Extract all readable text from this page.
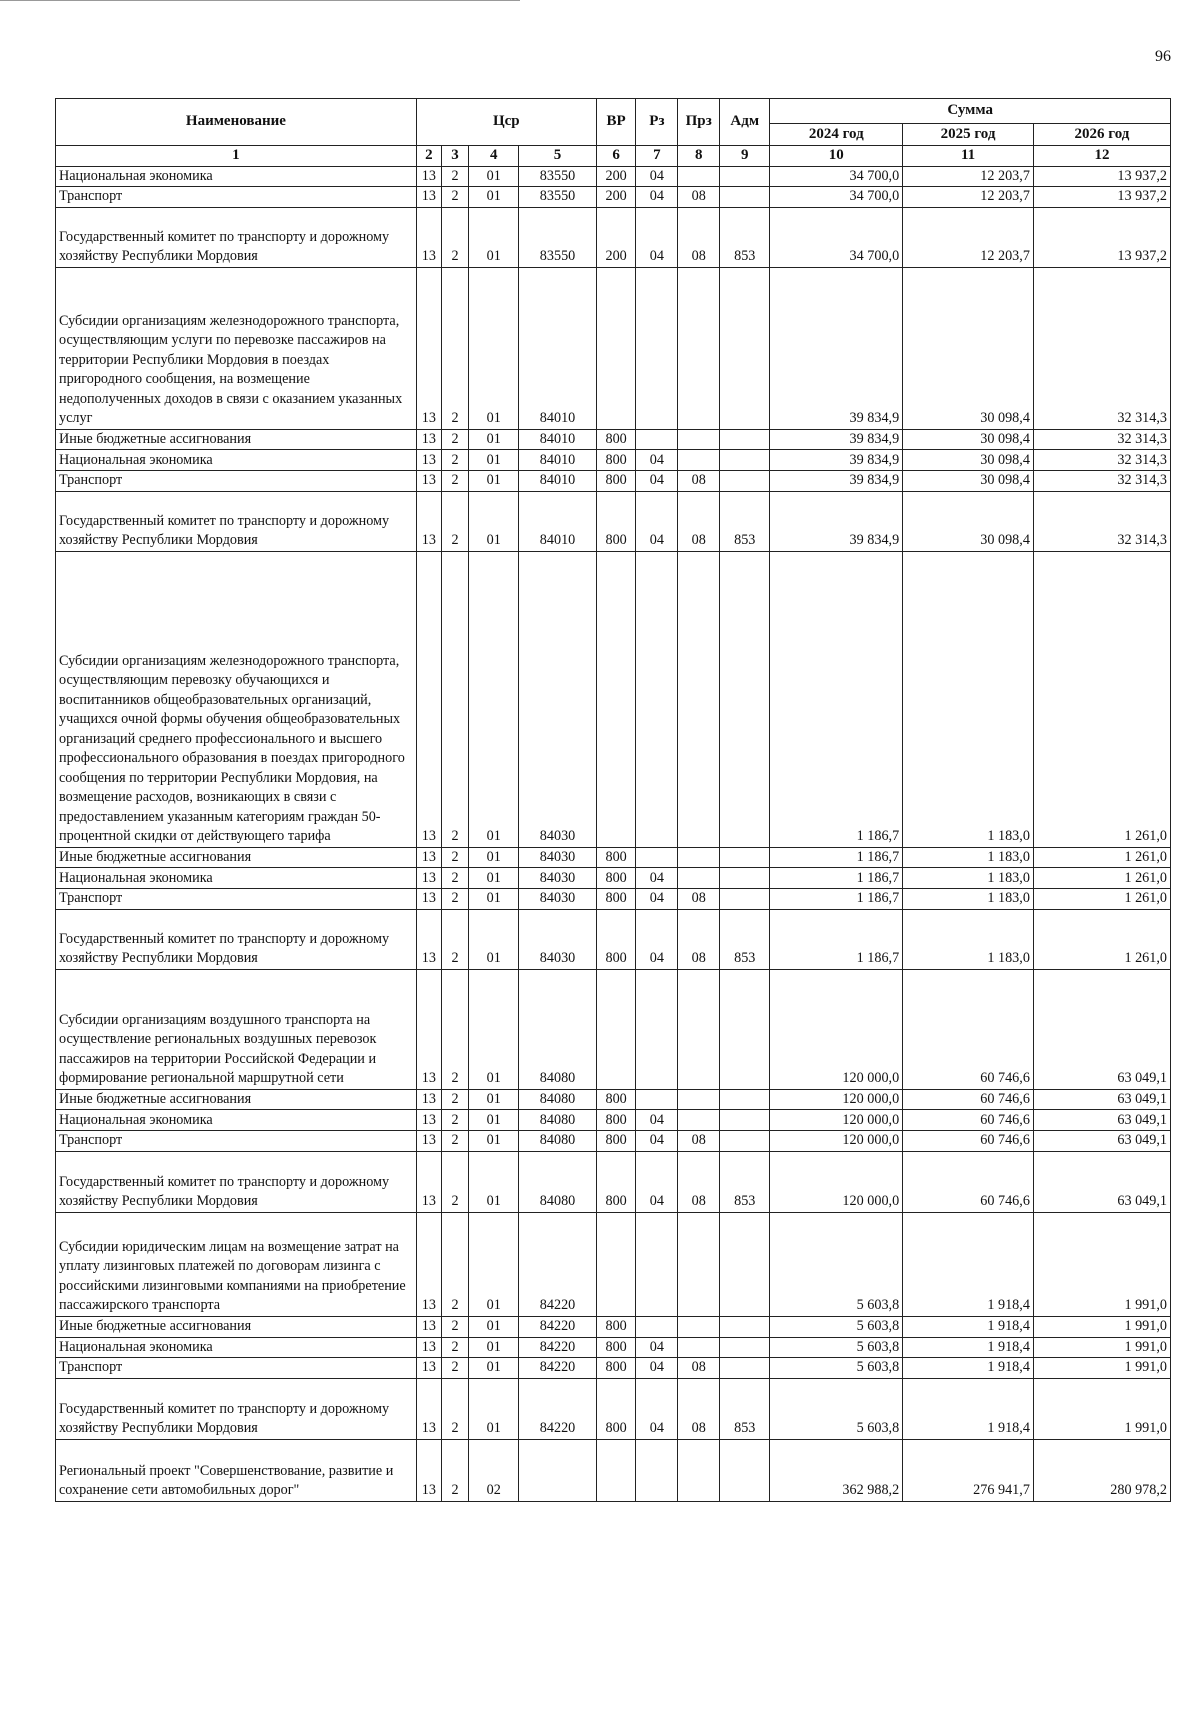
96
Наименование	Цср				ВР	Рз	Прз	Адм	Сумма		
									2024 год	2025 год	2026 год
1	2	3	4	5	6	7	8	9	10	11	12
Национальная экономика	13	2	01	83550	200	04			34 700,0	12 203,7	13 937,2
Транспорт	13	2	01	83550	200	04	08		34 700,0	12 203,7	13 937,2
Государственный комитет по транспорту и дорожному хозяйству Республики Мордовия	13	2	01	83550	200	04	08	853	34 700,0	12 203,7	13 937,2
Субсидии организациям железнодорожного транспорта, осуществляющим услуги по перевозке пассажиров на территории Республики Мордовия в поездах пригородного сообщения, на возмещение недополученных доходов в связи с оказанием указанных услуг	13	2	01	84010					39 834,9	30 098,4	32 314,3
Иные бюджетные ассигнования	13	2	01	84010	800				39 834,9	30 098,4	32 314,3
Национальная экономика	13	2	01	84010	800	04			39 834,9	30 098,4	32 314,3
Транспорт	13	2	01	84010	800	04	08		39 834,9	30 098,4	32 314,3
Государственный комитет по транспорту и дорожному хозяйству Республики Мордовия	13	2	01	84010	800	04	08	853	39 834,9	30 098,4	32 314,3
Субсидии организациям железнодорожного транспорта, осуществляющим перевозку обучающихся и воспитанников общеобразовательных организаций, учащихся очной формы обучения общеобразовательных организаций среднего профессионального и высшего профессионального образования в поездах пригородного сообщения по территории Республики Мордовия, на возмещение расходов, возникающих в связи с предоставлением указанным категориям граждан 50-процентной скидки от действующего тарифа	13	2	01	84030					1 186,7	1 183,0	1 261,0
Иные бюджетные ассигнования	13	2	01	84030	800				1 186,7	1 183,0	1 261,0
Национальная экономика	13	2	01	84030	800	04			1 186,7	1 183,0	1 261,0
Транспорт	13	2	01	84030	800	04	08		1 186,7	1 183,0	1 261,0
Государственный комитет по транспорту и дорожному хозяйству Республики Мордовия	13	2	01	84030	800	04	08	853	1 186,7	1 183,0	1 261,0
Субсидии организациям воздушного транспорта на осуществление региональных воздушных перевозок пассажиров на территории Российской Федерации и формирование региональной маршрутной сети	13	2	01	84080					120 000,0	60 746,6	63 049,1
Иные бюджетные ассигнования	13	2	01	84080	800				120 000,0	60 746,6	63 049,1
Национальная экономика	13	2	01	84080	800	04			120 000,0	60 746,6	63 049,1
Транспорт	13	2	01	84080	800	04	08		120 000,0	60 746,6	63 049,1
Государственный комитет по транспорту и дорожному хозяйству Республики Мордовия	13	2	01	84080	800	04	08	853	120 000,0	60 746,6	63 049,1
Субсидии юридическим лицам на возмещение затрат на уплату лизинговых платежей по договорам лизинга с российскими лизинговыми компаниями на приобретение пассажирского транспорта	13	2	01	84220					5 603,8	1 918,4	1 991,0
Иные бюджетные ассигнования	13	2	01	84220	800				5 603,8	1 918,4	1 991,0
Национальная экономика	13	2	01	84220	800	04			5 603,8	1 918,4	1 991,0
Транспорт	13	2	01	84220	800	04	08		5 603,8	1 918,4	1 991,0
Государственный комитет по транспорту и дорожному хозяйству Республики Мордовия	13	2	01	84220	800	04	08	853	5 603,8	1 918,4	1 991,0
Региональный проект "Совершенствование, развитие и сохранение сети автомобильных дорог"	13	2	02						362 988,2	276 941,7	280 978,2
